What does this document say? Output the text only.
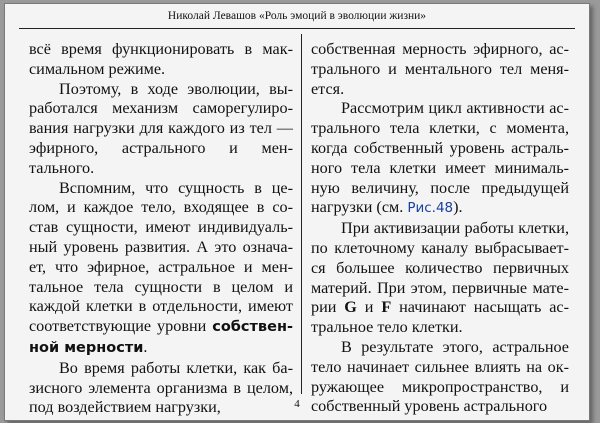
Николай Левашов «Роль эмоций в эволюции жизни»

всё время функционировать в максимальном режиме.

Поэтому, в ходе эволюции, выработался механизм саморегулирования нагрузки для каждого из тел — эфирного, астрального и ментального.

Вспомним, что сущность в целом, и каждое тело, входящее в состав сущности, имеют индивидуальный уровень развития. А это означает, что эфирное, астральное и ментальное тела сущности в целом и каждой клетки в отдельности, имеют соответствующие уровни собственной мерности.

Во время работы клетки, как базисного элемента организма в целом, под воздействием нагрузки,

собственная мерность эфирного, астрального и ментального тел меняется.

Рассмотрим цикл активности астрального тела клетки, с момента, когда собственный уровень астрального тела клетки имеет минимальную величину, после предыдущей нагрузки (см. Рис.48).

При активизации работы клетки, по клеточному каналу выбрасывается большее количество первичных материй. При этом, первичные материи G и F начинают насыщать астральное тело клетки.

В результате этого, астральное тело начинает сильнее влиять на окружающее микропространство, и собственный уровень астрального

4
